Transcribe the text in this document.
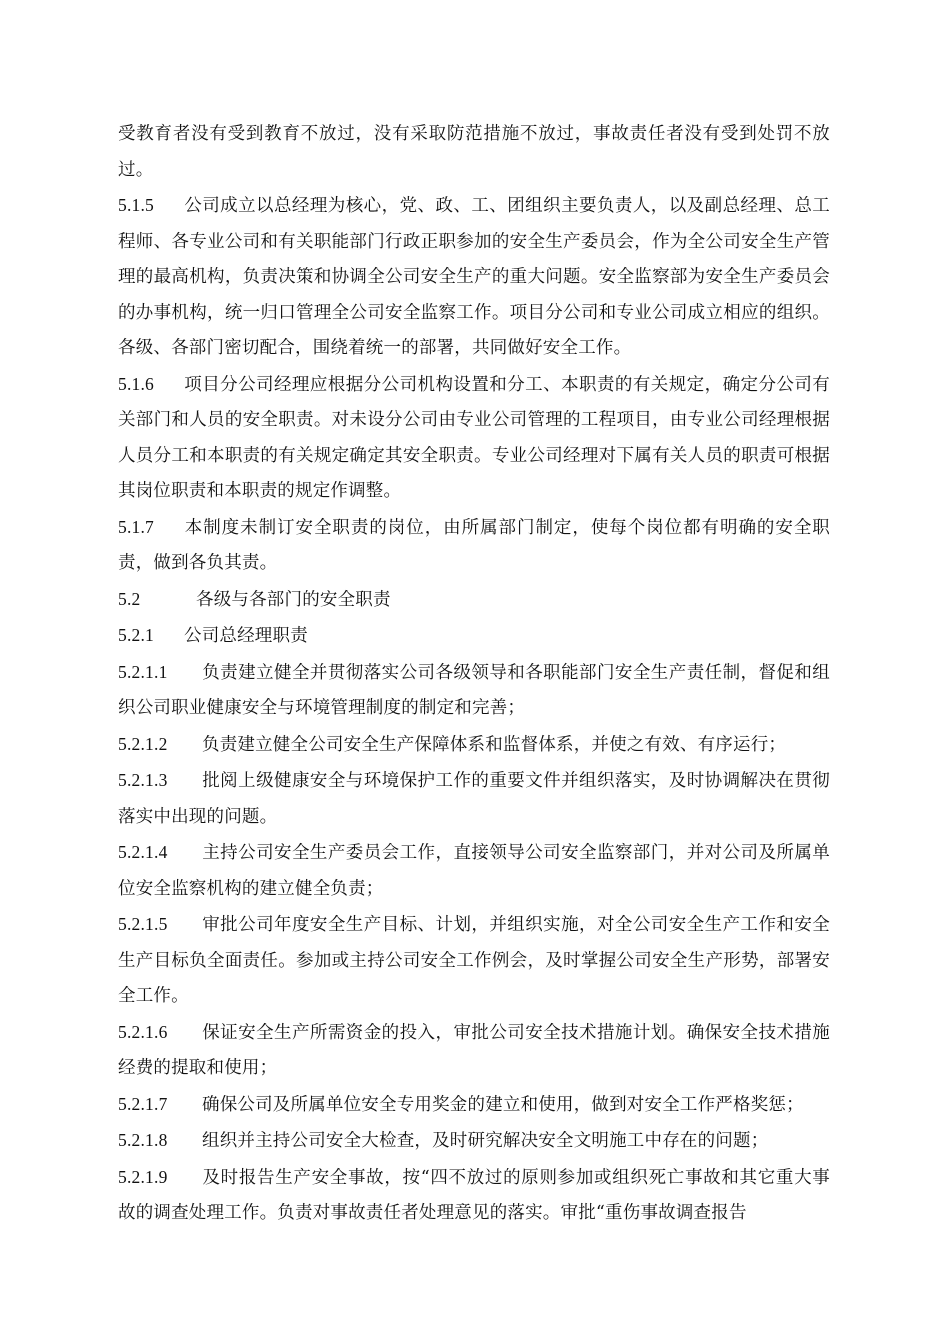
受教育者没有受到教育不放过，没有采取防范措施不放过，事故责任者没有受到处罚不放过。

5.1.5 公司成立以总经理为核心，党、政、工、团组织主要负责人，以及副总经理、总工程师、各专业公司和有关职能部门行政正职参加的安全生产委员会，作为全公司安全生产管理的最高机构，负责决策和协调全公司安全生产的重大问题。安全监察部为安全生产委员会的办事机构，统一归口管理全公司安全监察工作。项目分公司和专业公司成立相应的组织。各级、各部门密切配合，围绕着统一的部署，共同做好安全工作。

5.1.6 项目分公司经理应根据分公司机构设置和分工、本职责的有关规定，确定分公司有关部门和人员的安全职责。对未设分公司由专业公司管理的工程项目，由专业公司经理根据人员分工和本职责的有关规定确定其安全职责。专业公司经理对下属有关人员的职责可根据其岗位职责和本职责的规定作调整。

5.1.7 本制度未制订安全职责的岗位，由所属部门制定，使每个岗位都有明确的安全职责，做到各负其责。

5.2	各级与各部门的安全职责

5.2.1 公司总经理职责

5.2.1.1 负责建立健全并贯彻落实公司各级领导和各职能部门安全生产责任制，督促和组织公司职业健康安全与环境管理制度的制定和完善；

5.2.1.2 负责建立健全公司安全生产保障体系和监督体系，并使之有效、有序运行；

5.2.1.3 批阅上级健康安全与环境保护工作的重要文件并组织落实，及时协调解决在贯彻落实中出现的问题。

5.2.1.4 主持公司安全生产委员会工作，直接领导公司安全监察部门，并对公司及所属单位安全监察机构的建立健全负责；

5.2.1.5 审批公司年度安全生产目标、计划，并组织实施，对全公司安全生产工作和安全生产目标负全面责任。参加或主持公司安全工作例会，及时掌握公司安全生产形势，部署安全工作。

5.2.1.6 保证安全生产所需资金的投入，审批公司安全技术措施计划。确保安全技术措施经费的提取和使用；

5.2.1.7 确保公司及所属单位安全专用奖金的建立和使用，做到对安全工作严格奖惩；

5.2.1.8 组织并主持公司安全大检查，及时研究解决安全文明施工中存在的问题；

5.2.1.9 及时报告生产安全事故，按“四不放过的原则参加或组织死亡事故和其它重大事故的调查处理工作。负责对事故责任者处理意见的落实。审批“重伤事故调查报告
